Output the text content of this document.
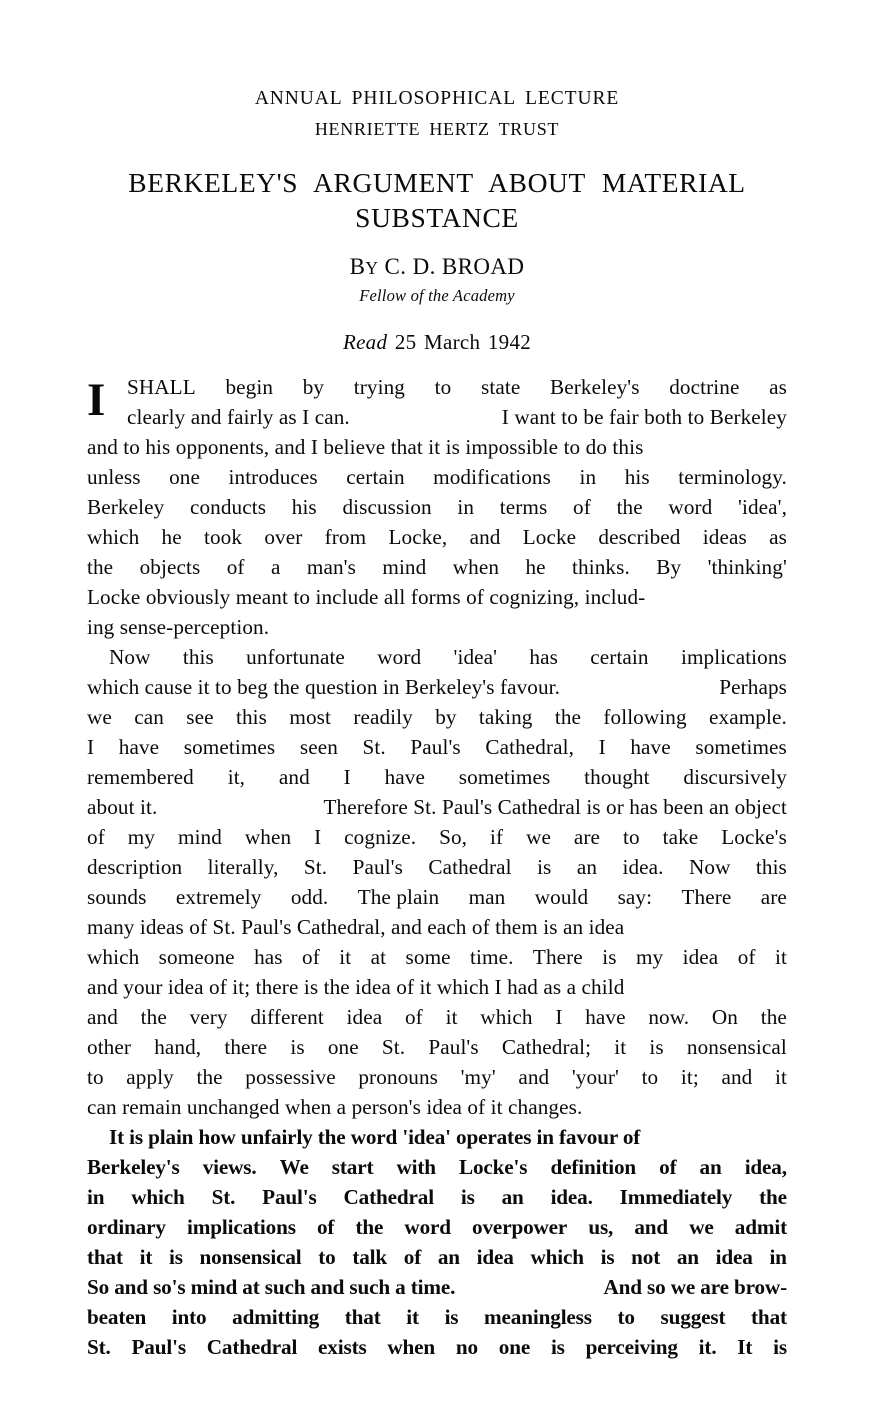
ANNUAL PHILOSOPHICAL LECTURE
HENRIETTE HERTZ TRUST
BERKELEY'S ARGUMENT ABOUT MATERIAL
SUBSTANCE
BY C. D. BROAD
Fellow of the Academy
Read 25 March 1942
I SHALL begin by trying to state Berkeley's doctrine as
clearly and fairly as I can.	I want to be fair both to Berkeley
and to his opponents, and I believe that it is impossible to do this
unless one introduces certain modifications in his terminology.
Berkeley conducts his discussion in terms of the word 'idea',
which he took over from Locke, and Locke described ideas as
the objects of a man's mind when he thinks. By 'thinking'
Locke obviously meant to include all forms of cognizing, includ-
ing sense-perception.
Now this unfortunate word 'idea' has certain implications
which cause it to beg the question in Berkeley's favour.	Perhaps
we can see this most readily by taking the following example.
I have sometimes seen St. Paul's Cathedral, I have sometimes
remembered it, and I have sometimes thought discursively
about it.	Therefore St. Paul's Cathedral is or has been an object
of my mind when I cognize. So, if we are to take Locke's
description literally, St. Paul's Cathedral is an idea. Now this
sounds extremely odd. The plain man would say: There are
many ideas of St. Paul's Cathedral, and each of them is an idea
which someone has of it at some time. There is my idea of it
and your idea of it; there is the idea of it which I had as a child
and the very different idea of it which I have now. On the
other hand, there is one St. Paul's Cathedral; it is nonsensical
to apply the possessive pronouns 'my' and 'your' to it; and it
can remain unchanged when a person's idea of it changes.
It is plain how unfairly the word 'idea' operates in favour of
Berkeley's views. We start with Locke's definition of an idea,
in which St. Paul's Cathedral is an idea. Immediately the
ordinary implications of the word overpower us, and we admit
that it is nonsensical to talk of an idea which is not an idea in
So and so's mind at such and such a time.	And so we are brow-
beaten into admitting that it is meaningless to suggest that
St. Paul's Cathedral exists when no one is perceiving it. It is
